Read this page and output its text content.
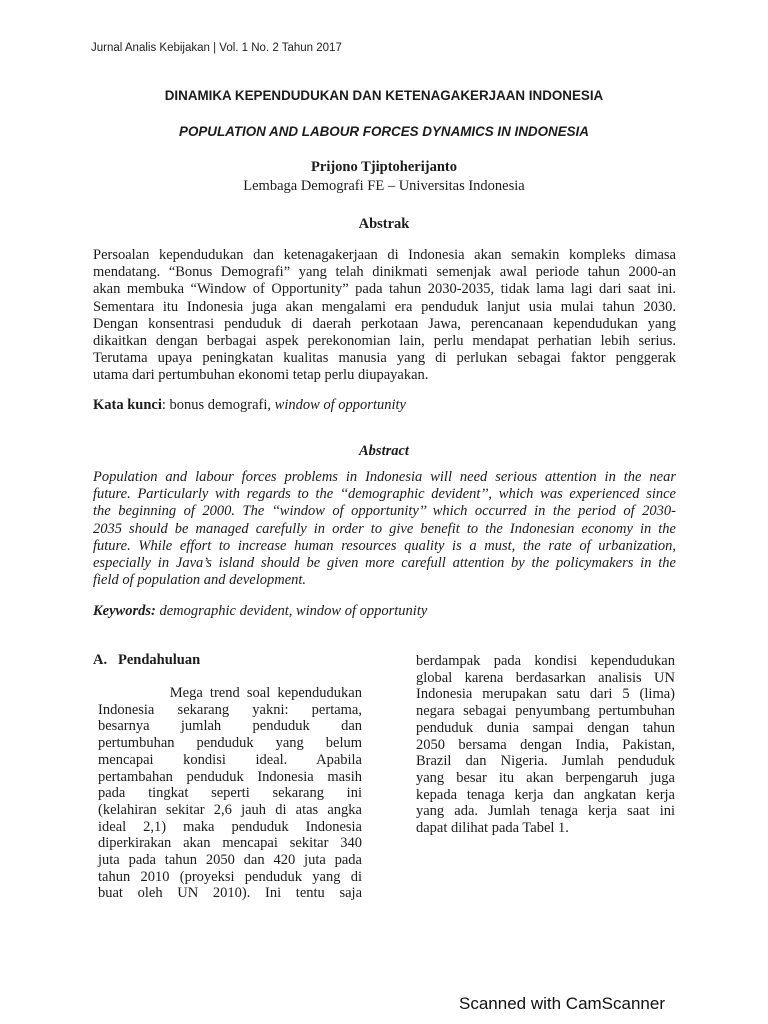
Jurnal Analis Kebijakan | Vol. 1 No. 2 Tahun 2017
DINAMIKA KEPENDUDUKAN DAN KETENAGAKERJAAN INDONESIA
POPULATION AND LABOUR FORCES DYNAMICS IN INDONESIA
Prijono Tjiptoherijanto
Lembaga Demografi FE – Universitas Indonesia
Abstrak
Persoalan kependudukan dan ketenagakerjaan di Indonesia akan semakin kompleks dimasa
mendatang. “Bonus Demografi” yang telah dinikmati semenjak awal periode tahun 2000-an
akan membuka “Window of Opportunity” pada tahun 2030-2035, tidak lama lagi dari saat ini.
Sementara itu Indonesia juga akan mengalami era penduduk lanjut usia mulai tahun 2030.
Dengan konsentrasi penduduk di daerah perkotaan Jawa, perencanaan kependudukan yang
dikaitkan dengan berbagai aspek perekonomian lain, perlu mendapat perhatian lebih serius.
Terutama upaya peningkatan kualitas manusia yang di perlukan sebagai faktor penggerak
utama dari pertumbuhan ekonomi tetap perlu diupayakan.
Kata kunci: bonus demografi, window of opportunity
Abstract
Population and labour forces problems in Indonesia will need serious attention in the near
future. Particularly with regards to the ‘‘demographic devident’’, which was experienced since
the beginning of 2000. The ‘‘window of opportunity’’ which occurred in the period of 2030-
2035 should be managed carefully in order to give benefit to the Indonesian economy in the
future. While effort to increase human resources quality is a must, the rate of urbanization,
especially in Java’s island should be given more carefull attention by the policymakers in the
field of population and development.
Keywords: demographic devident, window of opportunity
A.   Pendahuluan
Mega trend soal kependudukan
Indonesia sekarang yakni: pertama,
besarnya jumlah penduduk dan
pertumbuhan penduduk yang belum
mencapai kondisi ideal. Apabila
pertambahan penduduk Indonesia masih
pada tingkat seperti sekarang ini
(kelahiran sekitar 2,6 jauh di atas angka
ideal 2,1) maka penduduk Indonesia
diperkirakan akan mencapai sekitar 340
juta pada tahun 2050 dan 420 juta pada
tahun 2010 (proyeksi penduduk yang di
buat oleh UN 2010). Ini tentu saja
berdampak pada kondisi kependudukan
global karena berdasarkan analisis UN
Indonesia merupakan satu dari 5 (lima)
negara sebagai penyumbang pertumbuhan
penduduk dunia sampai dengan tahun
2050 bersama dengan India, Pakistan,
Brazil dan Nigeria. Jumlah penduduk
yang besar itu akan berpengaruh juga
kepada tenaga kerja dan angkatan kerja
yang ada. Jumlah tenaga kerja saat ini
dapat dilihat pada Tabel 1.
Scanned with CamScanner
